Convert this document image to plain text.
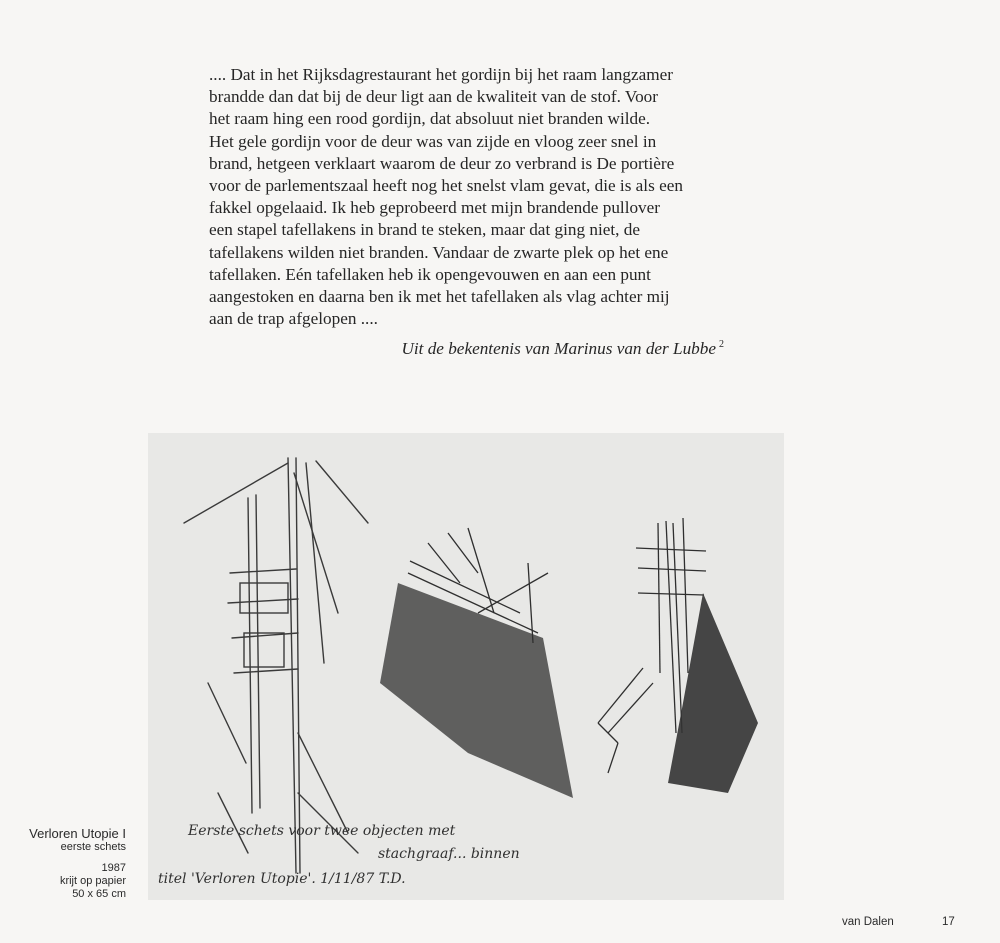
.... Dat in het Rijksdagrestaurant het gordijn bij het raam langzamer

brandde dan dat bij de deur ligt aan de kwaliteit van de stof. Voor

het raam hing een rood gordijn, dat absoluut niet branden wilde.

Het gele gordijn voor de deur was van zijde en vloog zeer snel in

brand, hetgeen verklaart waarom de deur zo verbrand is De portière

voor de parlementszaal heeft nog het snelst vlam gevat, die is als een

fakkel opgelaaid. Ik heb geprobeerd met mijn brandende pullover

een stapel tafellakens in brand te steken, maar dat ging niet, de

tafellakens wilden niet branden. Vandaar de zwarte plek op het ene

tafellaken. Eén tafellaken heb ik opengevouwen en aan een punt

aangestoken en daarna ben ik met het tafellaken als vlag achter mij

aan de trap afgelopen ....

Uit de bekentenis van Marinus van der Lubbe $^2$
Eerste schets voor twee objecten met
stachgraaf... binnen
titel 'Verloren Utopie'. 1/11/87 T.D.
Verloren Utopie I
eerste schets
1987
krijt op papier
50 x 65 cm
van Dalen	17
